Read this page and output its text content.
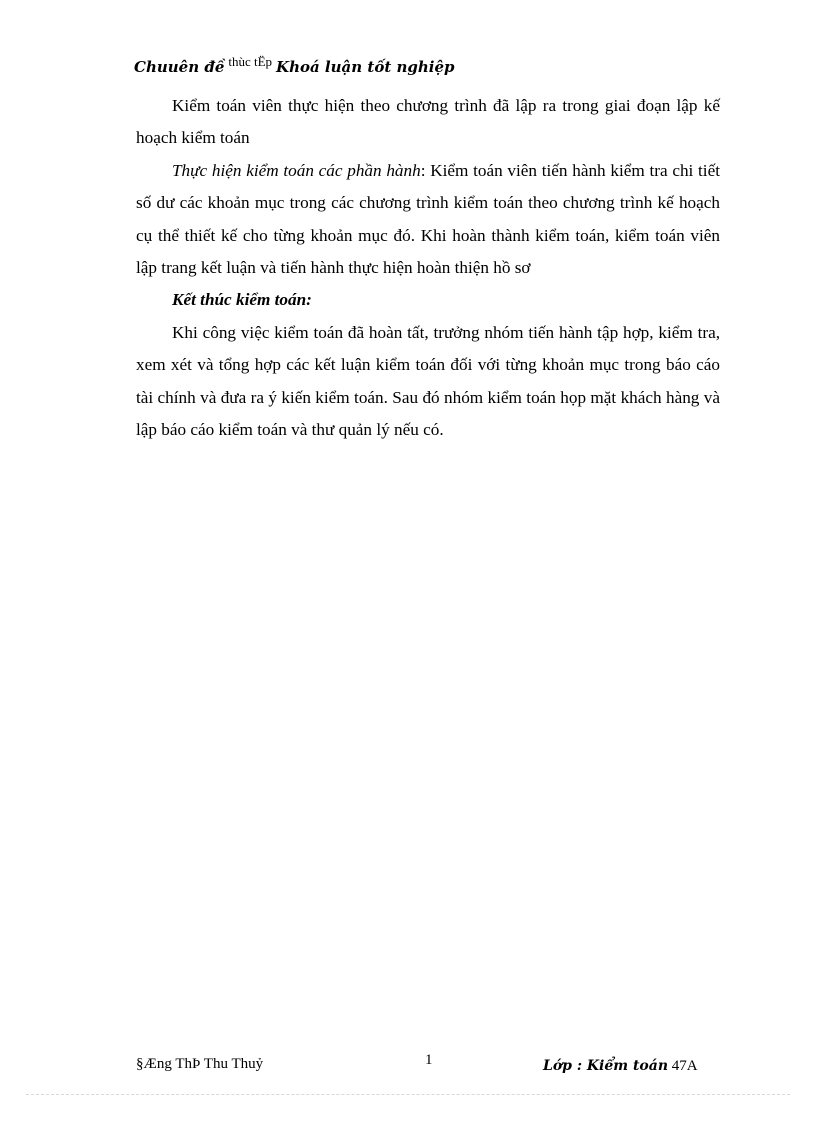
Chuuên đề $^{thùc tËp}$ Khoá luận tốt nghiệp

Kiểm toán viên thực hiện theo chương trình đã lập ra trong giai đoạn lập kế hoạch kiểm toán

Thực hiện kiểm toán các phần hành: Kiểm toán viên tiến hành kiểm tra chi tiết số dư các khoản mục trong các chương trình kiểm toán theo chương trình kế hoạch cụ thể thiết kế cho từng khoản mục đó. Khi hoàn thành kiểm toán, kiểm toán viên lập trang kết luận và tiến hành thực hiện hoàn thiện hồ sơ

Kết thúc kiểm toán:

Khi công việc kiểm toán đã hoàn tất, trưởng nhóm tiến hành tập hợp, kiểm tra, xem xét và tổng hợp các kết luận kiểm toán đối với từng khoản mục trong báo cáo tài chính và đưa ra ý kiến kiểm toán. Sau đó nhóm kiểm toán họp mặt khách hàng và lập báo cáo kiểm toán và thư quản lý nếu có.

§Æng ThÞ Thu Thuỷ	1	Lớp : Kiểm toán 47A
